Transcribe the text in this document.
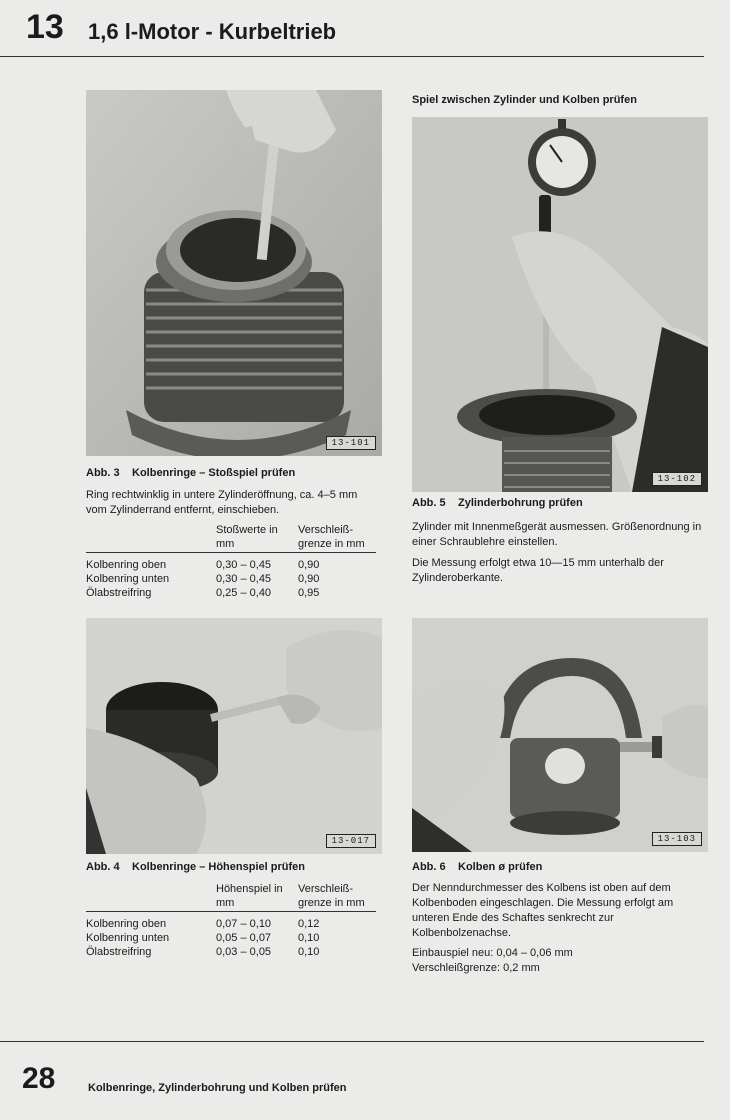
13 1,6 l-Motor - Kurbeltrieb
13-101
Abb. 3 Kolbenringe – Stoßspiel prüfen
Ring rechtwinklig in untere Zylinderöffnung, ca. 4–5 mm vom Zylinderrand entfernt, einschieben.
	Stoßwerte in mm	Verschleiß- grenze in mm
Kolbenring oben	0,30 – 0,45	0,90
Kolbenring unten	0,30 – 0,45	0,90
Ölabstreifring	0,25 – 0,40	0,95
Spiel zwischen Zylinder und Kolben prüfen
13-102
Abb. 5 Zylinderbohrung prüfen
Zylinder mit Innenmeßgerät ausmessen. Größenordnung in einer Schraublehre einstellen.
Die Messung erfolgt etwa 10—15 mm unterhalb der Zylinderoberkante.
13-017
Abb. 4 Kolbenringe – Höhenspiel prüfen
	Höhenspiel in mm	Verschleiß- grenze in mm
Kolbenring oben	0,07 – 0,10	0,12
Kolbenring unten	0,05 – 0,07	0,10
Ölabstreifring	0,03 – 0,05	0,10
13-103
Abb. 6 Kolben ø prüfen
Der Nenndurchmesser des Kolbens ist oben auf dem Kolbenboden eingeschlagen. Die Messung erfolgt am unteren Ende des Schaftes senkrecht zur Kolbenbolzenachse.
Einbauspiel neu: 0,04 – 0,06 mm
Verschleißgrenze: 0,2 mm
28	Kolbenringe, Zylinderbohrung und Kolben prüfen
